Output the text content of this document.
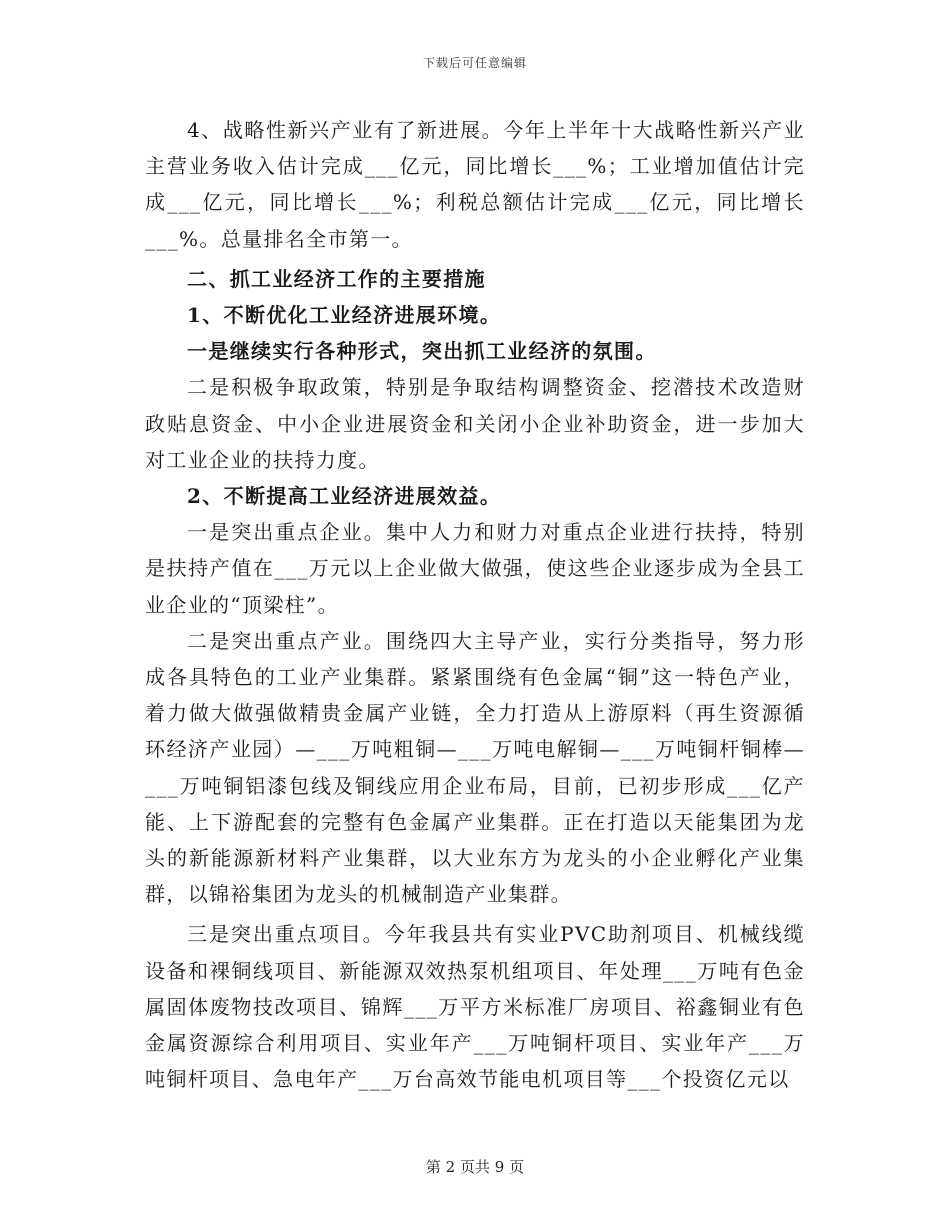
下载后可任意编辑

4、战略性新兴产业有了新进展。今年上半年十大战略性新兴产业主营业务收入估计完成___亿元，同比增长___%；工业增加值估计完成___亿元，同比增长___%；利税总额估计完成___亿元，同比增长___%。总量排名全市第一。

二、抓工业经济工作的主要措施

1、不断优化工业经济进展环境。

一是继续实行各种形式，突出抓工业经济的氛围。

二是积极争取政策，特别是争取结构调整资金、挖潜技术改造财政贴息资金、中小企业进展资金和关闭小企业补助资金，进一步加大对工业企业的扶持力度。

2、不断提高工业经济进展效益。

一是突出重点企业。集中人力和财力对重点企业进行扶持，特别是扶持产值在___万元以上企业做大做强，使这些企业逐步成为全县工业企业的“顶梁柱”。

二是突出重点产业。围绕四大主导产业，实行分类指导，努力形成各具特色的工业产业集群。紧紧围绕有色金属“铜”这一特色产业，着力做大做强做精贵金属产业链，全力打造从上游原料（再生资源循环经济产业园）—___万吨粗铜—___万吨电解铜—___万吨铜杆铜棒—___万吨铜铝漆包线及铜线应用企业布局，目前，已初步形成___亿产能、上下游配套的完整有色金属产业集群。正在打造以天能集团为龙头的新能源新材料产业集群，以大业东方为龙头的小企业孵化产业集群，以锦裕集团为龙头的机械制造产业集群。

三是突出重点项目。今年我县共有实业PVC助剂项目、机械线缆设备和裸铜线项目、新能源双效热泵机组项目、年处理___万吨有色金属固体废物技改项目、锦辉___万平方米标准厂房项目、裕鑫铜业有色金属资源综合利用项目、实业年产___万吨铜杆项目、实业年产___万吨铜杆项目、急电年产___万台高效节能电机项目等___个投资亿元以

第 2 页共 9 页
